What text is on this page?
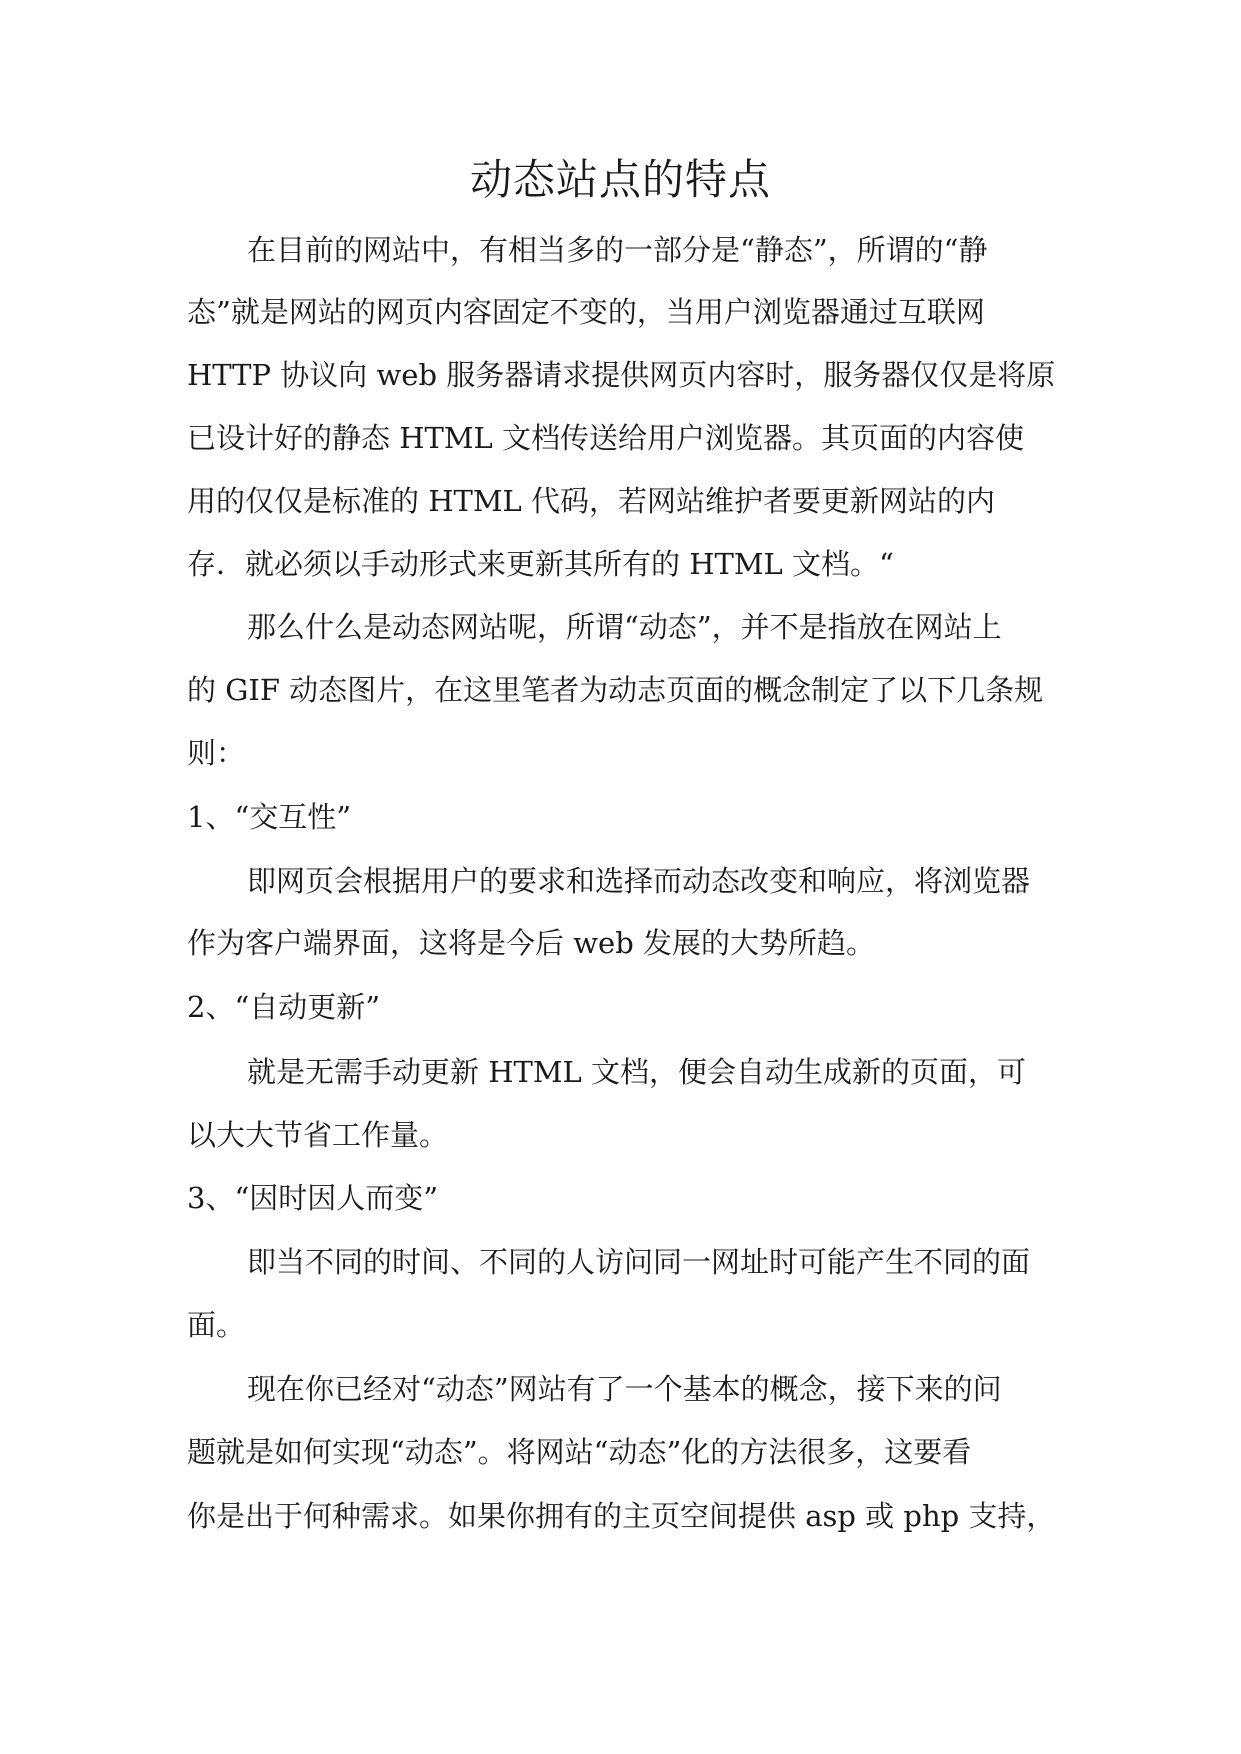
动态站点的特点

在目前的网站中，有相当多的一部分是“静态”，所谓的“静

态”就是网站的网页内容固定不变的，当用户浏览器通过互联网

HTTP 协议向 web 服务器请求提供网页内容时，服务器仅仅是将原

已设计好的静态 HTML 文档传送给用户浏览器。其页面的内容使

用的仅仅是标准的 HTML 代码，若网站维护者要更新网站的内

存．就必须以手动形式来更新其所有的 HTML 文档。“

那么什么是动态网站呢，所谓“动态”，并不是指放在网站上

的 GIF 动态图片，在这里笔者为动志页面的概念制定了以下几条规

则：

1、“交互性”

即网页会根据用户的要求和选择而动态改变和响应，将浏览器

作为客户端界面，这将是今后 web 发展的大势所趋。

2、“自动更新”

就是无需手动更新 HTML 文档，便会自动生成新的页面，可

以大大节省工作量。

3、“因时因人而变”

即当不同的时间、不同的人访问同一网址时可能产生不同的面

面。

现在你已经对“动态”网站有了一个基本的概念，接下来的问

题就是如何实现“动态”。将网站“动态”化的方法很多，这要看

你是出于何种需求。如果你拥有的主页空间提供 asp 或 php 支持，
